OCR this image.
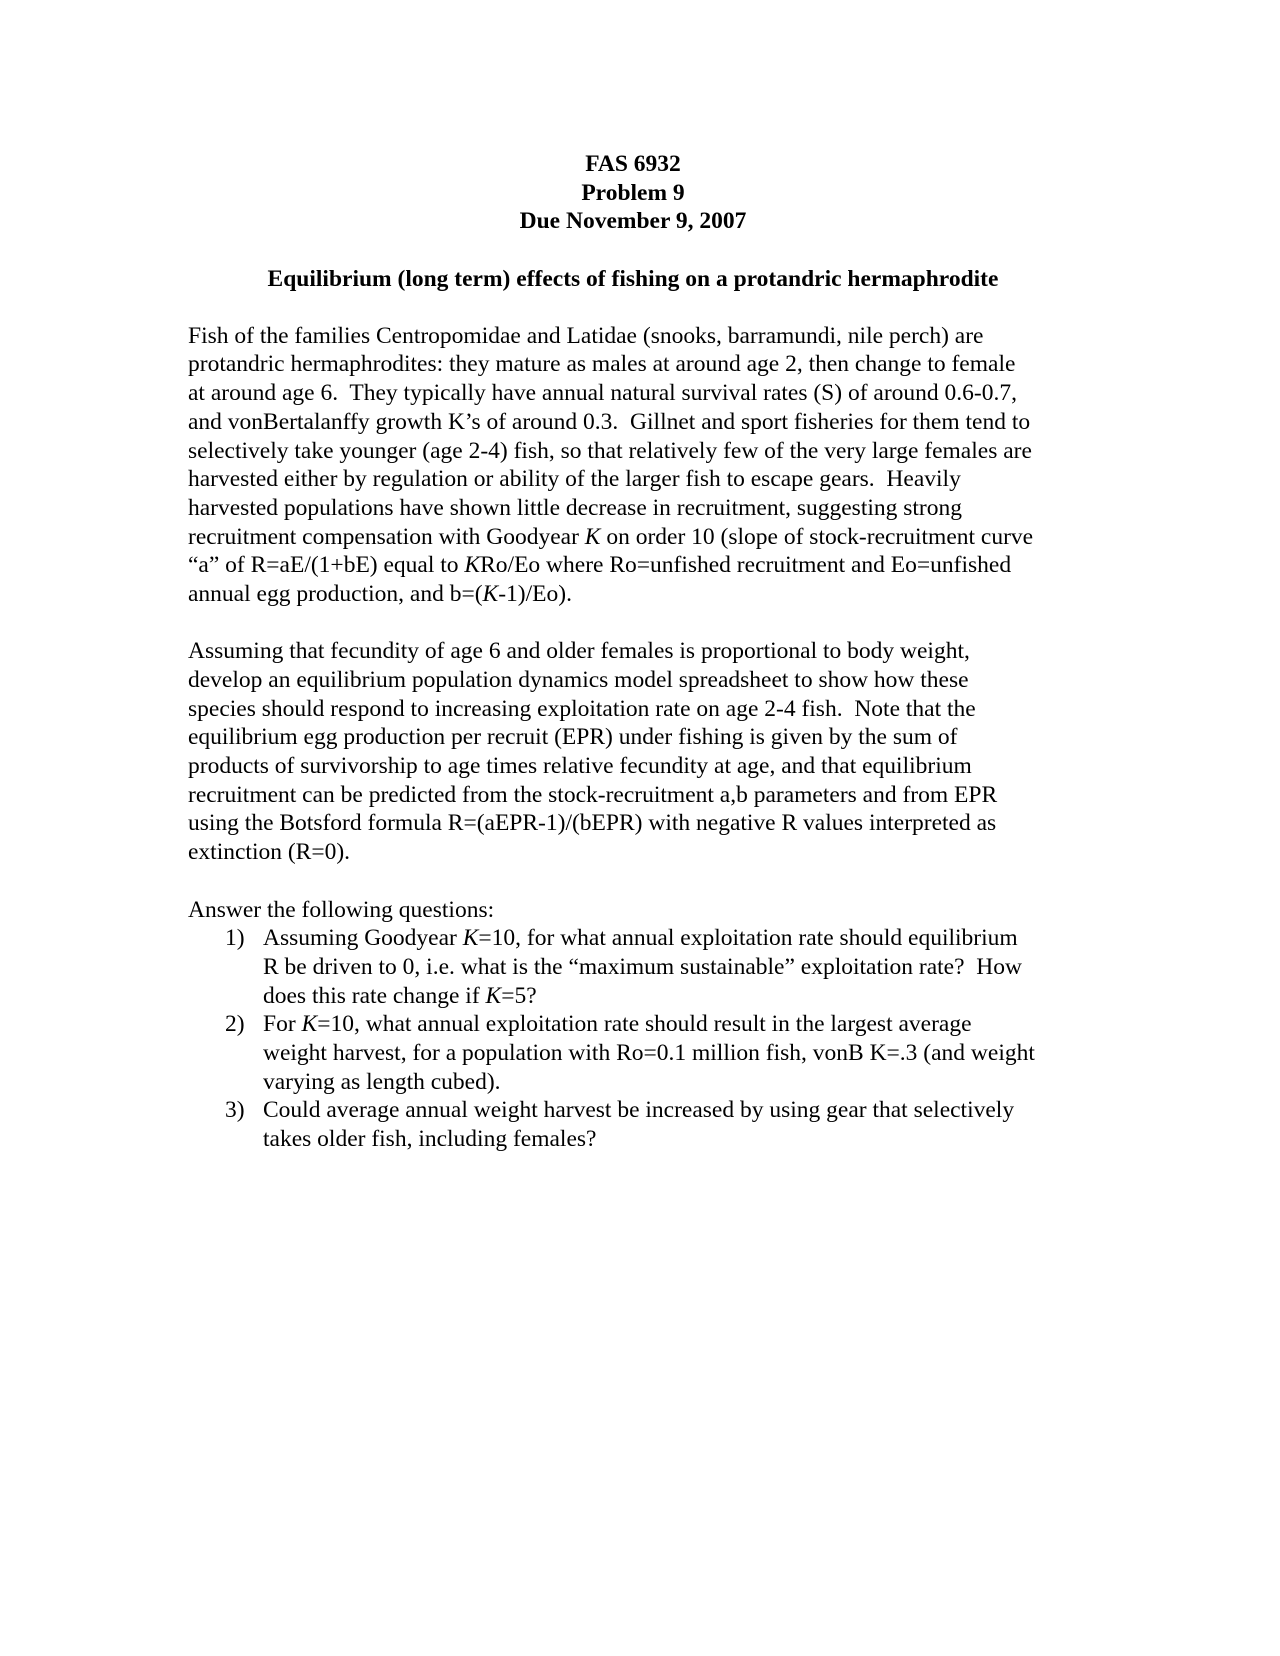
FAS 6932
Problem 9
Due November 9, 2007
Equilibrium (long term) effects of fishing on a protandric hermaphrodite
Fish of the families Centropomidae and Latidae (snooks, barramundi, nile perch) are
protandric hermaphrodites: they mature as males at around age 2, then change to female
at around age 6.  They typically have annual natural survival rates (S) of around 0.6-0.7,
and vonBertalanffy growth K’s of around 0.3.  Gillnet and sport fisheries for them tend to
selectively take younger (age 2-4) fish, so that relatively few of the very large females are
harvested either by regulation or ability of the larger fish to escape gears.  Heavily
harvested populations have shown little decrease in recruitment, suggesting strong
recruitment compensation with Goodyear K on order 10 (slope of stock-recruitment curve
“a” of R=aE/(1+bE) equal to KRo/Eo where Ro=unfished recruitment and Eo=unfished
annual egg production, and b=(K-1)/Eo).
Assuming that fecundity of age 6 and older females is proportional to body weight,
develop an equilibrium population dynamics model spreadsheet to show how these
species should respond to increasing exploitation rate on age 2-4 fish.  Note that the
equilibrium egg production per recruit (EPR) under fishing is given by the sum of
products of survivorship to age times relative fecundity at age, and that equilibrium
recruitment can be predicted from the stock-recruitment a,b parameters and from EPR
using the Botsford formula R=(aEPR-1)/(bEPR) with negative R values interpreted as
extinction (R=0).
Answer the following questions:
1) Assuming Goodyear K=10, for what annual exploitation rate should equilibrium
R be driven to 0, i.e. what is the “maximum sustainable” exploitation rate?  How
does this rate change if K=5?
2) For K=10, what annual exploitation rate should result in the largest average
weight harvest, for a population with Ro=0.1 million fish, vonB K=.3 (and weight
varying as length cubed).
3) Could average annual weight harvest be increased by using gear that selectively
takes older fish, including females?
